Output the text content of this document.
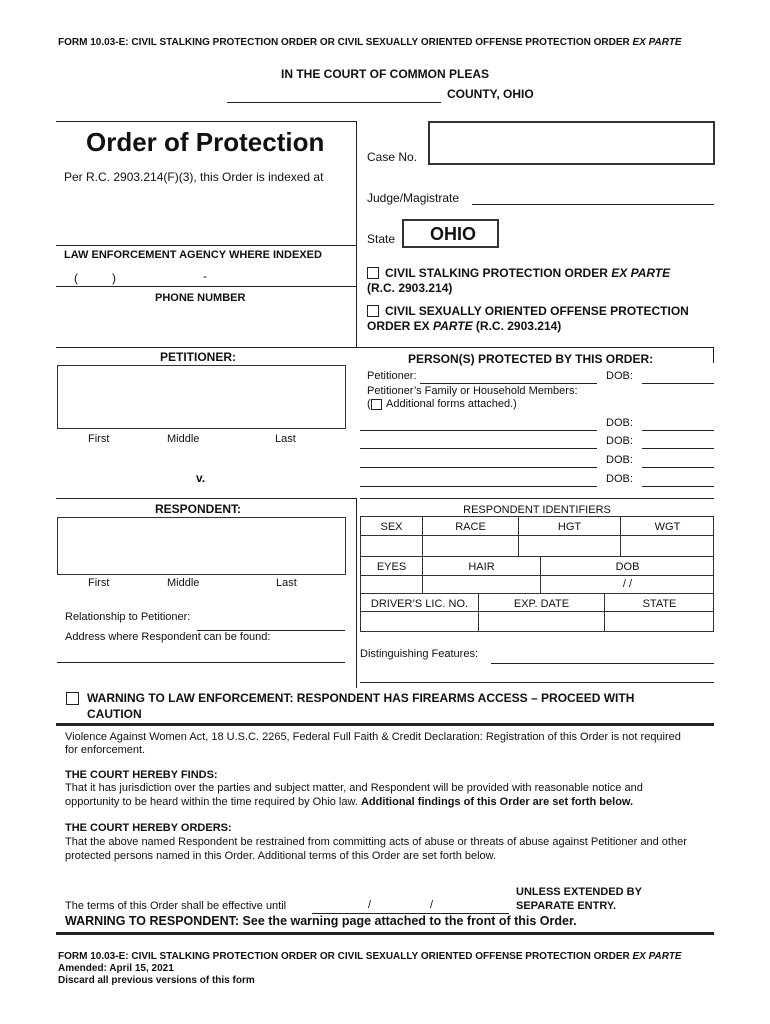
FORM 10.03-E: CIVIL STALKING PROTECTION ORDER OR CIVIL SEXUALLY ORIENTED OFFENSE PROTECTION ORDER EX PARTE
IN THE COURT OF COMMON PLEAS
COUNTY, OHIO
Order of Protection
Per R.C. 2903.214(F)(3), this Order is indexed at
LAW ENFORCEMENT AGENCY WHERE INDEXED
(	)	-
PHONE NUMBER
Case No.
Judge/Magistrate
State OHIO
CIVIL STALKING PROTECTION ORDER EX PARTE
(R.C. 2903.214)
CIVIL SEXUALLY ORIENTED OFFENSE PROTECTION
ORDER EX PARTE (R.C. 2903.214)
PETITIONER:
First	Middle	Last
v.
PERSON(S) PROTECTED BY THIS ORDER:
Petitioner:	DOB:
Petitioner’s Family or Household Members:
( Additional forms attached.)
DOB:
DOB:
DOB:
DOB:
RESPONDENT:
First	Middle	Last
Relationship to Petitioner:
Address where Respondent can be found:
RESPONDENT IDENTIFIERS
SEX	RACE	HGT	WGT
EYES	HAIR	DOB
/ /
DRIVER’S LIC. NO.	EXP. DATE	STATE
Distinguishing Features:
WARNING TO LAW ENFORCEMENT: RESPONDENT HAS FIREARMS ACCESS – PROCEED WITH
CAUTION
Violence Against Women Act, 18 U.S.C. 2265, Federal Full Faith & Credit Declaration: Registration of this Order is not required
for enforcement.
THE COURT HEREBY FINDS:
That it has jurisdiction over the parties and subject matter, and Respondent will be provided with reasonable notice and
opportunity to be heard within the time required by Ohio law. Additional findings of this Order are set forth below.
THE COURT HEREBY ORDERS:
That the above named Respondent be restrained from committing acts of abuse or threats of abuse against Petitioner and other
protected persons named in this Order. Additional terms of this Order are set forth below.
UNLESS EXTENDED BY
SEPARATE ENTRY.
The terms of this Order shall be effective until	/	/
WARNING TO RESPONDENT: See the warning page attached to the front of this Order.
FORM 10.03-E: CIVIL STALKING PROTECTION ORDER OR CIVIL SEXUALLY ORIENTED OFFENSE PROTECTION ORDER EX PARTE
Amended: April 15, 2021
Discard all previous versions of this form
